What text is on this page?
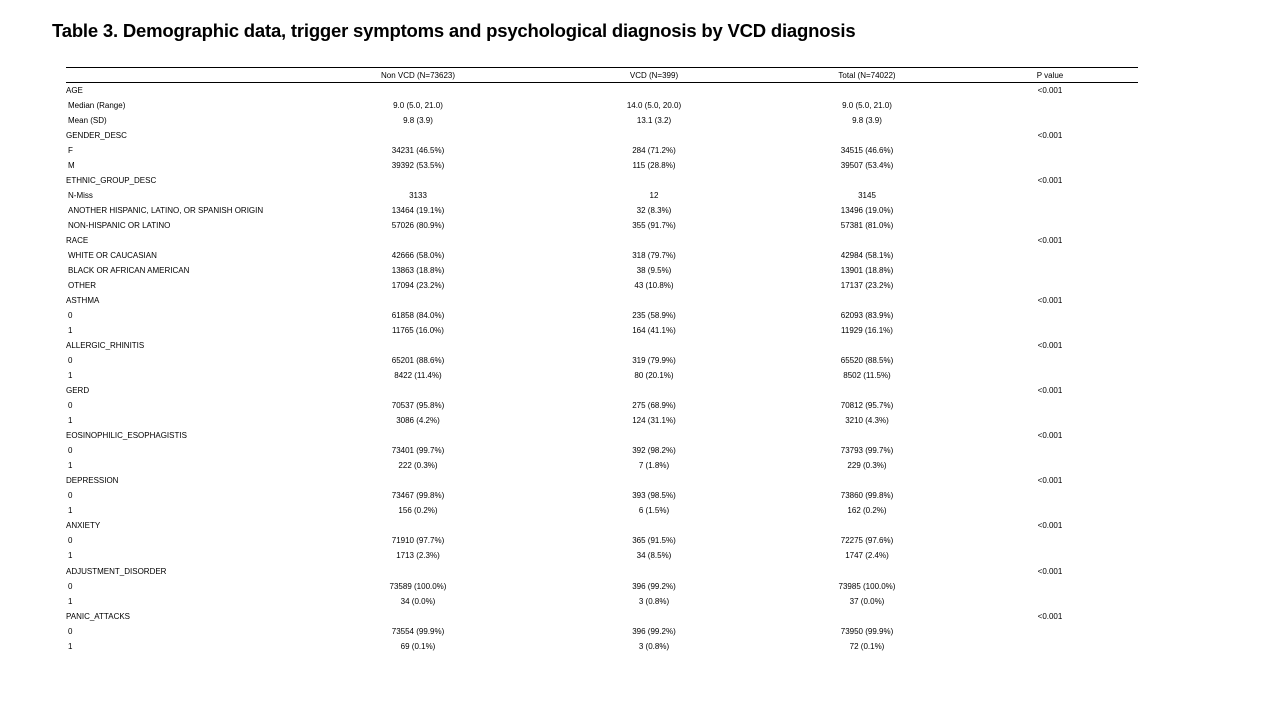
Table 3. Demographic data, trigger symptoms and psychological diagnosis by VCD diagnosis
	Non VCD (N=73623)	VCD (N=399)	Total (N=74022)	P value
AGE				<0.001
Median (Range)	9.0 (5.0, 21.0)	14.0 (5.0, 20.0)	9.0 (5.0, 21.0)	
Mean (SD)	9.8 (3.9)	13.1 (3.2)	9.8 (3.9)	
GENDER_DESC				<0.001
F	34231 (46.5%)	284 (71.2%)	34515 (46.6%)	
M	39392 (53.5%)	115 (28.8%)	39507 (53.4%)	
ETHNIC_GROUP_DESC				<0.001
N-Miss	3133	12	3145	
ANOTHER HISPANIC, LATINO, OR SPANISH ORIGIN	13464 (19.1%)	32 (8.3%)	13496 (19.0%)	
NON-HISPANIC OR LATINO	57026 (80.9%)	355 (91.7%)	57381 (81.0%)	
RACE				<0.001
WHITE OR CAUCASIAN	42666 (58.0%)	318 (79.7%)	42984 (58.1%)	
BLACK OR AFRICAN AMERICAN	13863 (18.8%)	38 (9.5%)	13901 (18.8%)	
OTHER	17094 (23.2%)	43 (10.8%)	17137 (23.2%)	
ASTHMA				<0.001
0	61858 (84.0%)	235 (58.9%)	62093 (83.9%)	
1	11765 (16.0%)	164 (41.1%)	11929 (16.1%)	
ALLERGIC_RHINITIS				<0.001
0	65201 (88.6%)	319 (79.9%)	65520 (88.5%)	
1	8422 (11.4%)	80 (20.1%)	8502 (11.5%)	
GERD				<0.001
0	70537 (95.8%)	275 (68.9%)	70812 (95.7%)	
1	3086 (4.2%)	124 (31.1%)	3210 (4.3%)	
EOSINOPHILIC_ESOPHAGISTIS				<0.001
0	73401 (99.7%)	392 (98.2%)	73793 (99.7%)	
1	222 (0.3%)	7 (1.8%)	229 (0.3%)	
DEPRESSION				<0.001
0	73467 (99.8%)	393 (98.5%)	73860 (99.8%)	
1	156 (0.2%)	6 (1.5%)	162 (0.2%)	
ANXIETY				<0.001
0	71910 (97.7%)	365 (91.5%)	72275 (97.6%)	
1	1713 (2.3%)	34 (8.5%)	1747 (2.4%)	
ADJUSTMENT_DISORDER				<0.001
0	73589 (100.0%)	396 (99.2%)	73985 (100.0%)	
1	34 (0.0%)	3 (0.8%)	37 (0.0%)	
PANIC_ATTACKS				<0.001
0	73554 (99.9%)	396 (99.2%)	73950 (99.9%)	
1	69 (0.1%)	3 (0.8%)	72 (0.1%)	
